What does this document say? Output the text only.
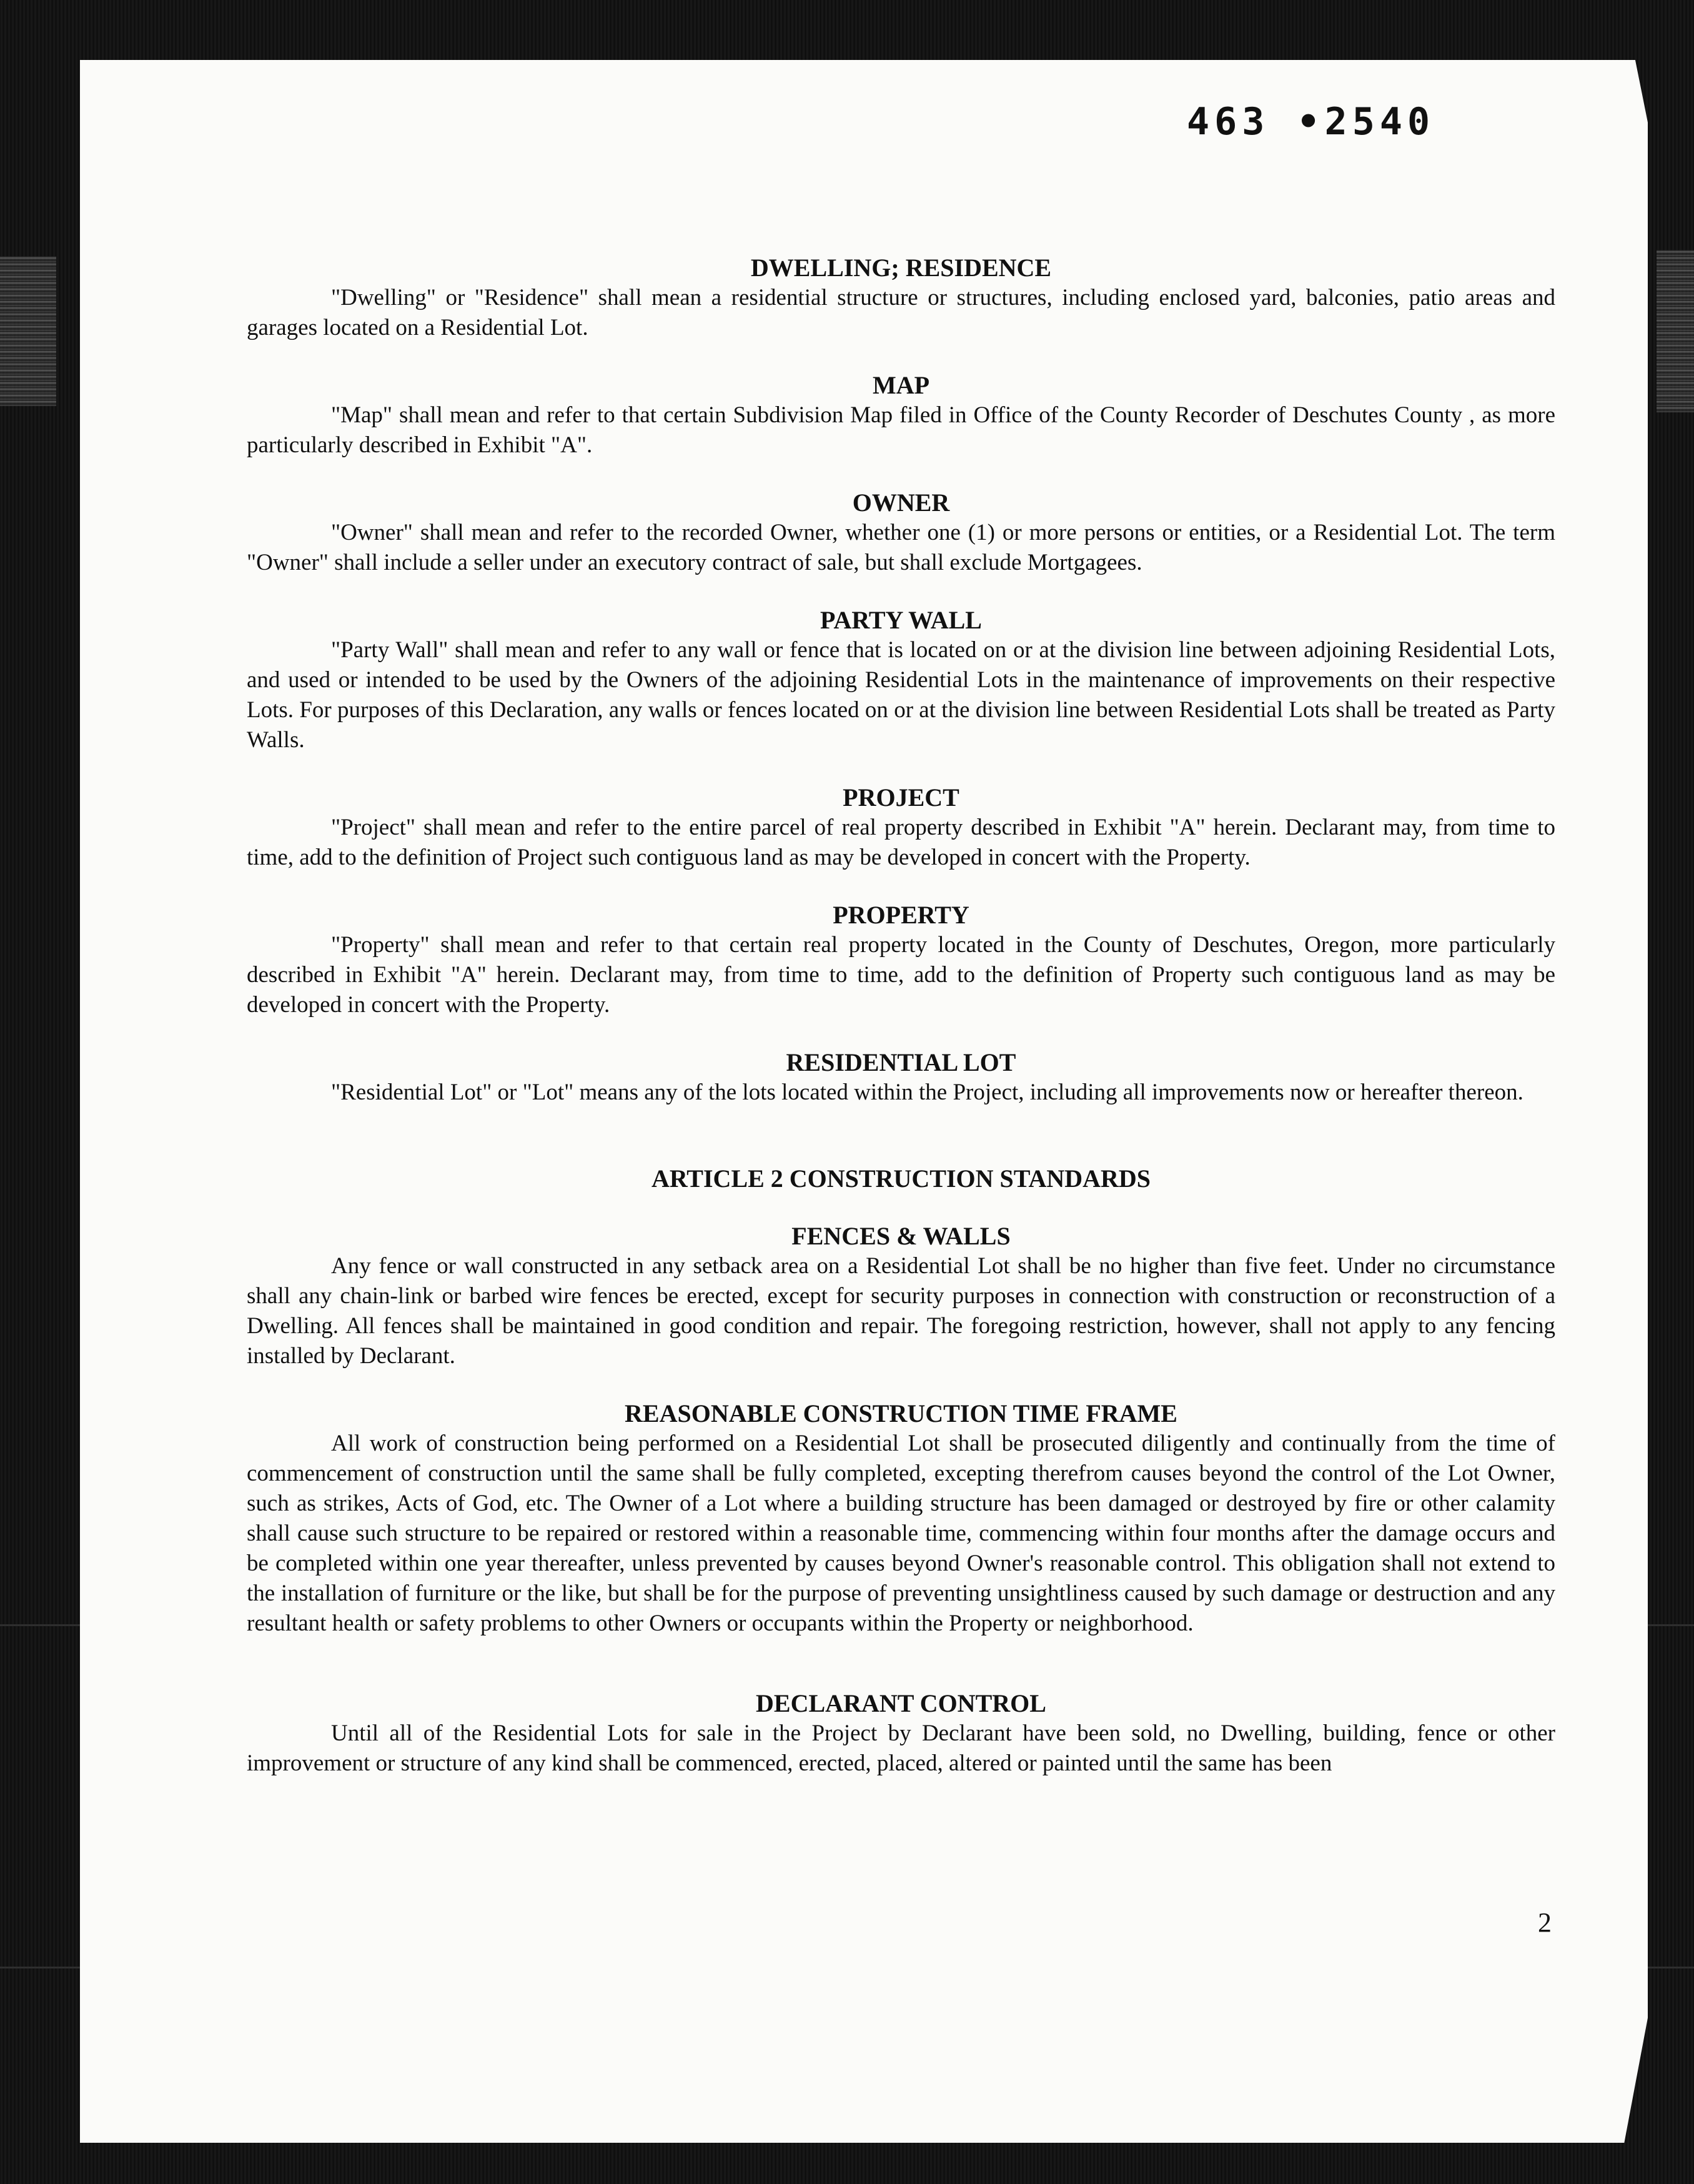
463 •2540

DWELLING; RESIDENCE

"Dwelling" or "Residence" shall mean a residential structure or structures, including enclosed yard, balconies, patio areas and garages located on a Residential Lot.

MAP

"Map" shall mean and refer to that certain Subdivision Map filed in Office of the County Recorder of Deschutes County , as more particularly described in Exhibit "A".

OWNER

"Owner" shall mean and refer to the recorded Owner, whether one (1) or more persons or entities, or a Residential Lot. The term "Owner" shall include a seller under an executory contract of sale, but shall exclude Mortgagees.

PARTY WALL

"Party Wall" shall mean and refer to any wall or fence that is located on or at the division line between adjoining Residential Lots, and used or intended to be used by the Owners of the adjoining Residential Lots in the maintenance of improvements on their respective Lots. For purposes of this Declaration, any walls or fences located on or at the division line between Residential Lots shall be treated as Party Walls.

PROJECT

"Project" shall mean and refer to the entire parcel of real property described in Exhibit "A" herein. Declarant may, from time to time, add to the definition of Project such contiguous land as may be developed in concert with the Property.

PROPERTY

"Property" shall mean and refer to that certain real property located in the County of Deschutes, Oregon, more particularly described in Exhibit "A" herein. Declarant may, from time to time, add to the definition of Property such contiguous land as may be developed in concert with the Property.

RESIDENTIAL LOT

"Residential Lot" or "Lot" means any of the lots located within the Project, including all improvements now or hereafter thereon.

ARTICLE 2 CONSTRUCTION STANDARDS

FENCES & WALLS

Any fence or wall constructed in any setback area on a Residential Lot shall be no higher than five feet. Under no circumstance shall any chain-link or barbed wire fences be erected, except for security purposes in connection with construction or reconstruction of a Dwelling. All fences shall be maintained in good condition and repair. The foregoing restriction, however, shall not apply to any fencing installed by Declarant.

REASONABLE CONSTRUCTION TIME FRAME

All work of construction being performed on a Residential Lot shall be prosecuted diligently and continually from the time of commencement of construction until the same shall be fully completed, excepting therefrom causes beyond the control of the Lot Owner, such as strikes, Acts of God, etc. The Owner of a Lot where a building structure has been damaged or destroyed by fire or other calamity shall cause such structure to be repaired or restored within a reasonable time, commencing within four months after the damage occurs and be completed within one year thereafter, unless prevented by causes beyond Owner's reasonable control. This obligation shall not extend to the installation of furniture or the like, but shall be for the purpose of preventing unsightliness caused by such damage or destruction and any resultant health or safety problems to other Owners or occupants within the Property or neighborhood.

DECLARANT CONTROL

Until all of the Residential Lots for sale in the Project by Declarant have been sold, no Dwelling, building, fence or other improvement or structure of any kind shall be commenced, erected, placed, altered or painted until the same has been

2
